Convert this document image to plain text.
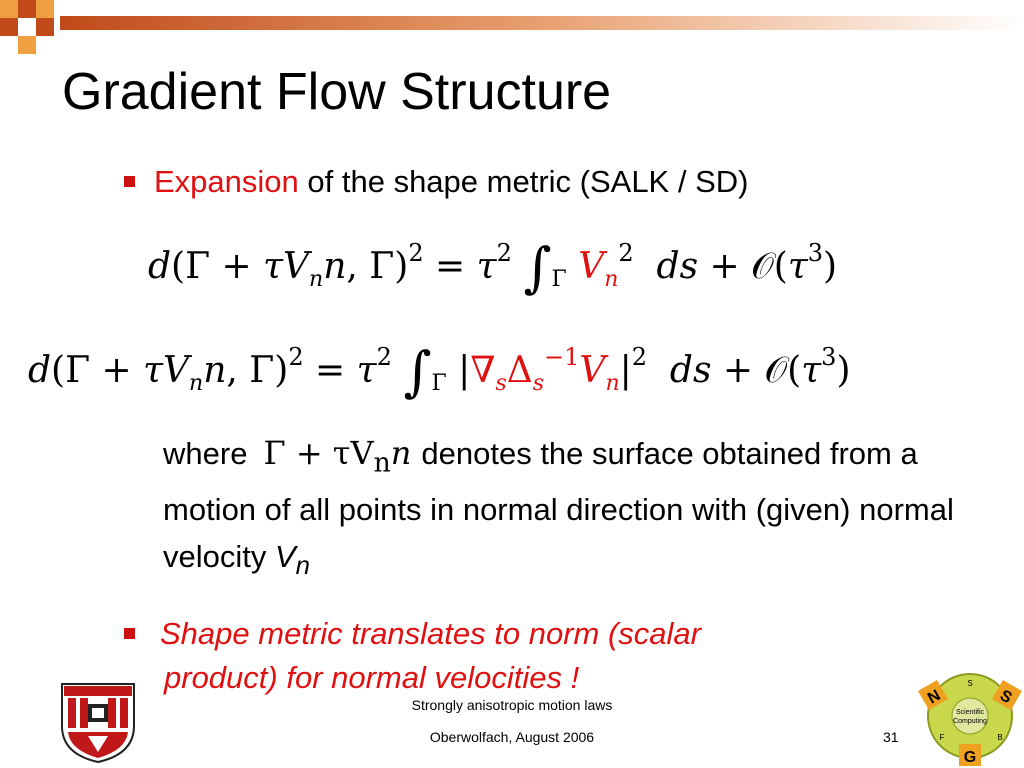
Gradient Flow Structure
Expansion of the shape metric (SALK / SD)
$d(\Gamma + \tau V_nn$, $\Gamma)^2 = \tau^2$ $\int_\Gamma$ $V_n^2$ ds + $𝒪(\tau^3)$
$d(\Gamma + \tau V_nn$, $\Gamma)^2 = \tau^2$ $\int_\Gamma$ $|\nabla_s\Delta_s^{-1}V_n|^2$ ds + $𝒪(\tau^3)$
where $\Gamma + \tau V_nn$ denotes the surface obtained from a motion of all points in normal direction with (given) normal velocity $V_n$
Shape metric translates to norm (scalar
product) for normal velocities !
Strongly anisotropic motion laws
Oberwolfach, August 2006	31
Scientific
Computing
S
F	B
N	S
G
